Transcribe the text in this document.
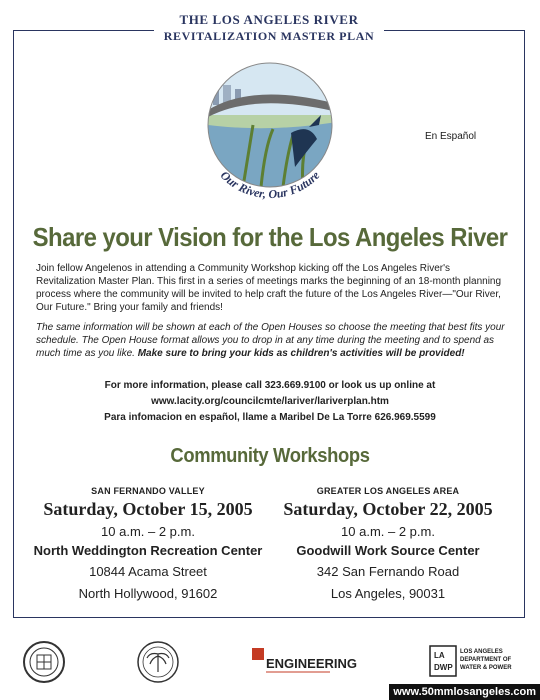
THE LOS ANGELES RIVER
REVITALIZATION MASTER PLAN
Our River, Our Future
En Español
Share your Vision for the Los Angeles River
Join fellow Angelenos in attending a Community Workshop kicking off the Los Angeles River's Revitalization Master Plan. This first in a series of meetings marks the beginning of an 18-month planning process where the community will be invited to help craft the future of the Los Angeles River—"Our River, Our Future." Bring your family and friends!
The same information will be shown at each of the Open Houses so choose the meeting that best fits your schedule. The Open House format allows you to drop in at any time during the meeting and to spend as much time as you like. Make sure to bring your kids as children's activities will be provided!
For more information, please call 323.669.9100 or look us up online at
www.lacity.org/councilcmte/lariver/lariverplan.htm
Para infomacion en español, llame a Maribel De La Torre 626.969.5599
Community Workshops
SAN FERNANDO VALLEY
Saturday, October 15, 2005
10 a.m. – 2 p.m.
North Weddington Recreation Center
10844 Acama Street
North Hollywood, 91602
GREATER LOS ANGELES AREA
Saturday, October 22, 2005
10 a.m. – 2 p.m.
Goodwill Work Source Center
342 San Fernando Road
Los Angeles, 90031
ENGINEERING
LA
DWP
LOS ANGELES DEPARTMENT OF WATER & POWER
www.50mmlosangeles.com
